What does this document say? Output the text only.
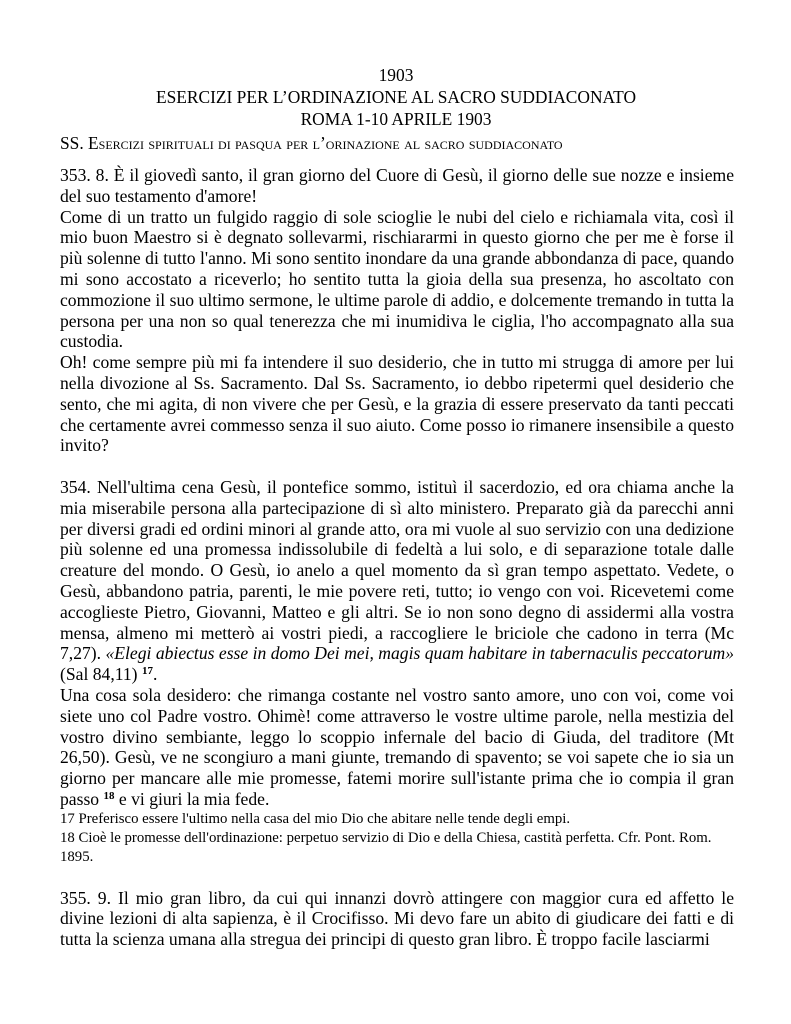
1903
ESERCIZI PER L’ORDINAZIONE AL SACRO SUDDIACONATO
ROMA 1-10 APRILE 1903
SS. Esercizi spirituali di pasqua per l’orinazione al sacro suddiaconato

353. 8. È il giovedì santo, il gran giorno del Cuore di Gesù, il giorno delle sue nozze e insieme del suo testamento d'amore!

Come di un tratto un fulgido raggio di sole scioglie le nubi del cielo e richiamala vita, così il mio buon Maestro si è degnato sollevarmi, rischiararmi in questo giorno che per me è forse il più solenne di tutto l'anno. Mi sono sentito inondare da una grande abbondanza di pace, quando mi sono accostato a riceverlo; ho sentito tutta la gioia della sua presenza, ho ascoltato con commozione il suo ultimo sermone, le ultime parole di addio, e dolcemente tremando in tutta la persona per una non so qual tenerezza che mi inumidiva le ciglia, l'ho accompagnato alla sua custodia.

Oh! come sempre più mi fa intendere il suo desiderio, che in tutto mi strugga di amore per lui nella divozione al Ss. Sacramento. Dal Ss. Sacramento, io debbo ripetermi quel desiderio che sento, che mi agita, di non vivere che per Gesù, e la grazia di essere preservato da tanti peccati che certamente avrei commesso senza il suo aiuto. Come posso io rimanere insensibile a questo invito?

354. Nell'ultima cena Gesù, il pontefice sommo, istituì il sacerdozio, ed ora chiama anche la mia miserabile persona alla partecipazione di sì alto ministero. Preparato già da parecchi anni per diversi gradi ed ordini minori al grande atto, ora mi vuole al suo servizio con una dedizione più solenne ed una promessa indissolubile di fedeltà a lui solo, e di separazione totale dalle creature del mondo. O Gesù, io anelo a quel momento da sì gran tempo aspettato. Vedete, o Gesù, abbandono patria, parenti, le mie povere reti, tutto; io vengo con voi. Ricevetemi come accoglieste Pietro, Giovanni, Matteo e gli altri. Se io non sono degno di assidermi alla vostra mensa, almeno mi metterò ai vostri piedi, a raccogliere le briciole che cadono in terra (Mc 7,27). «Elegi abiectus esse in domo Dei mei, magis quam habitare in tabernaculis peccatorum» (Sal 84,11) $^{17}$.

Una cosa sola desidero: che rimanga costante nel vostro santo amore, uno con voi, come voi siete uno col Padre vostro. Ohimè! come attraverso le vostre ultime parole, nella mestizia del vostro divino sembiante, leggo lo scoppio infernale del bacio di Giuda, del traditore (Mt 26,50). Gesù, ve ne scongiuro a mani giunte, tremando di spavento; se voi sapete che io sia un giorno per mancare alle mie promesse, fatemi morire sull'istante prima che io compia il gran passo $^{18}$ e vi giuri la mia fede.

17 Preferisco essere l'ultimo nella casa del mio Dio che abitare nelle tende degli empi.

18 Cioè le promesse dell'ordinazione: perpetuo servizio di Dio e della Chiesa, castità perfetta. Cfr. Pont. Rom. 1895.

355. 9. Il mio gran libro, da cui qui innanzi dovrò attingere con maggior cura ed affetto le divine lezioni di alta sapienza, è il Crocifisso. Mi devo fare un abito di giudicare dei fatti e di tutta la scienza umana alla stregua dei principi di questo gran libro. È troppo facile lasciarmi
